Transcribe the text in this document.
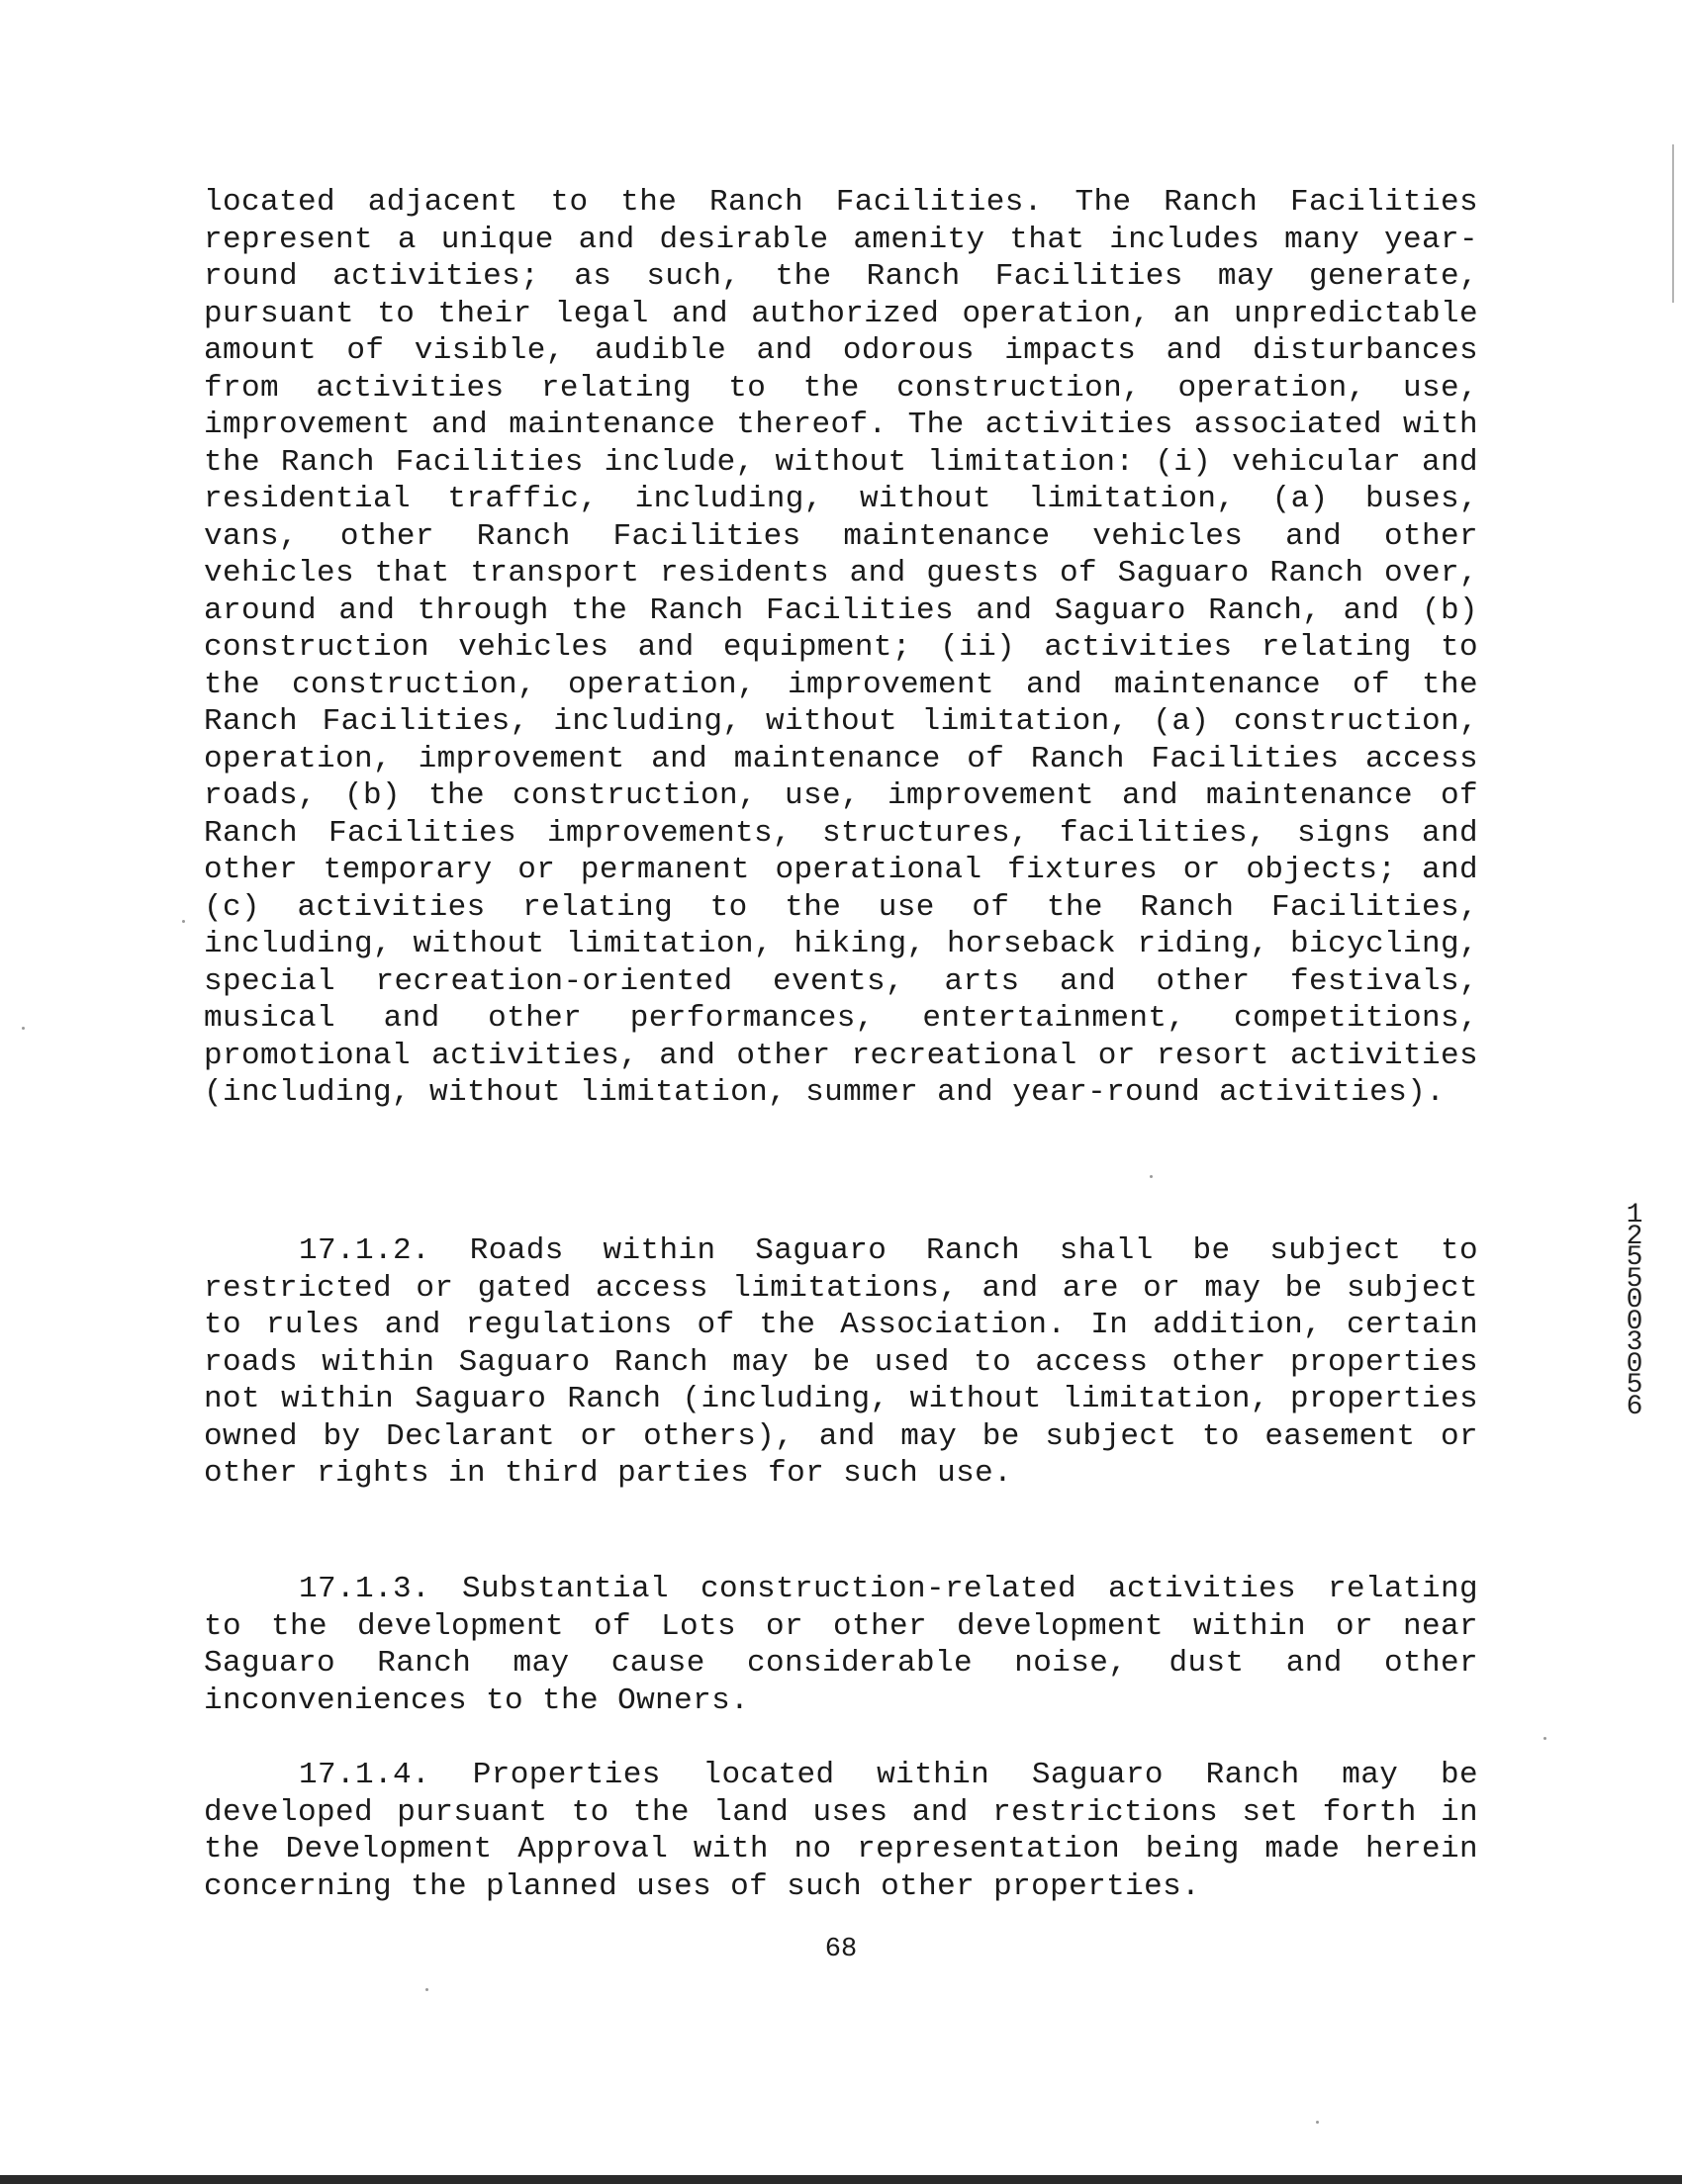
located adjacent to the Ranch Facilities. The Ranch Facilities represent a unique and desirable amenity that includes many year-round activities; as such, the Ranch Facilities may generate, pursuant to their legal and authorized operation, an unpredictable amount of visible, audible and odorous impacts and disturbances from activities relating to the construction, operation, use, improvement and maintenance thereof. The activities associated with the Ranch Facilities include, without limitation: (i) vehicular and residential traffic, including, without limitation, (a) buses, vans, other Ranch Facilities maintenance vehicles and other vehicles that transport residents and guests of Saguaro Ranch over, around and through the Ranch Facilities and Saguaro Ranch, and (b) construction vehicles and equipment; (ii) activities relating to the construction, operation, improvement and maintenance of the Ranch Facilities, including, without limitation, (a) construction, operation, improvement and maintenance of Ranch Facilities access roads, (b) the construction, use, improvement and maintenance of Ranch Facilities improvements, structures, facilities, signs and other temporary or permanent operational fixtures or objects; and (c) activities relating to the use of the Ranch Facilities, including, without limitation, hiking, horseback riding, bicycling, special recreation-oriented events, arts and other festivals, musical and other performances, entertainment, competitions, promotional activities, and other recreational or resort activities (including, without limitation, summer and year-round activities).

17.1.2. Roads within Saguaro Ranch shall be subject to restricted or gated access limitations, and are or may be subject to rules and regulations of the Association. In addition, certain roads within Saguaro Ranch may be used to access other properties not within Saguaro Ranch (including, without limitation, properties owned by Declarant or others), and may be subject to easement or other rights in third parties for such use.

17.1.3. Substantial construction-related activities relating to the development of Lots or other development within or near Saguaro Ranch may cause considerable noise, dust and other inconveniences to the Owners.

17.1.4. Properties located within Saguaro Ranch may be developed pursuant to the land uses and restrictions set forth in the Development Approval with no representation being made herein concerning the planned uses of such other properties.

68
12550 03056
